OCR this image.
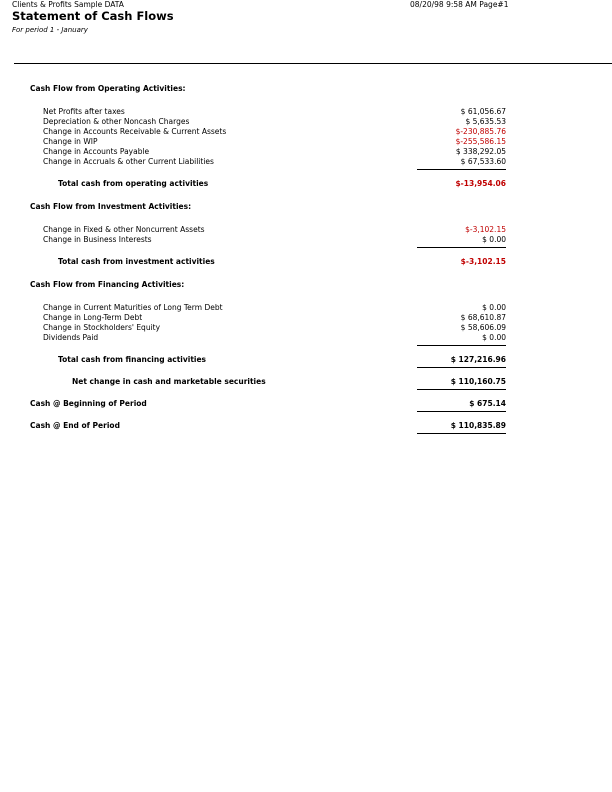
Clients & Profits Sample DATA	08/20/98 9:58 AM Page#1
Statement of Cash Flows
For period 1 - January
Cash Flow from Operating Activities:
Net Profits after taxes	$ 61,056.67
Depreciation & other Noncash Charges	$ 5,635.53
Change in Accounts Receivable & Current Assets	$-230,885.76
Change in WIP	$-255,586.15
Change in Accounts Payable	$ 338,292.05
Change in Accruals & other Current Liabilities	$ 67,533.60
Total cash from operating activities	$-13,954.06
Cash Flow from Investment Activities:
Change in Fixed & other Noncurrent Assets	$-3,102.15
Change in Business Interests	$ 0.00
Total cash from investment activities	$-3,102.15
Cash Flow from Financing Activities:
Change in Current Maturities of Long Term Debt	$ 0.00
Change in Long-Term Debt	$ 68,610.87
Change in Stockholders' Equity	$ 58,606.09
Dividends Paid	$ 0.00
Total cash from financing activities	$ 127,216.96
Net change in cash and marketable securities	$ 110,160.75
Cash @ Beginning of Period	$ 675.14
Cash @ End of Period	$ 110,835.89
